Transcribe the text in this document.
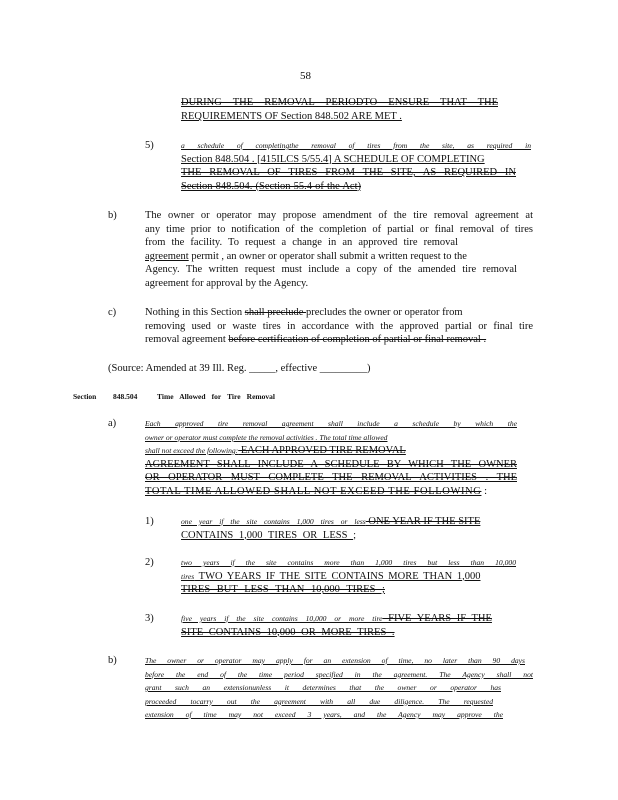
58
DURING THE REMOVAL PERIODTO ENSURE THAT THE
REQUIREMENTS OF Section 848.502 ARE MET .
5)	a schedule of completingthe removal of tires from the site, as required in
Section 848.504 . [415ILCS 5/55.4] A SCHEDULE OF COMPLETING
THE REMOVAL OF TIRES FROM THE SITE, AS REQUIRED IN
Section 848.504. (Section 55.4 of the Act)
b)	The owner or operator may propose amendment of the tire removal agreement at
any time prior to notification of the completion of partial or final removal of tires
from the facility. To request a change in an approved tire removal
agreement permit , an owner or operator shall submit a written request to the
Agency. The written request must include a copy of the amended tire removal
agreement for approval by the Agency.
c)	Nothing in this Section shall preclude precludes the owner or operator from
removing used or waste tires in accordance with the approved partial or final tire
removal agreement before certification of completion of partial or final removal .
(Source: Amended at 39 Ill. Reg. _____, effective _________)
Section 848.504	Time Allowed for Tire Removal
a)	Each approved tire removal agreement shall include a schedule by which the
owner or operator must complete the removal activities . The total time allowed
shall not exceed the following: EACH APPROVED TIRE REMOVAL
AGREEMENT SHALL INCLUDE A SCHEDULE BY WHICH THE OWNER
OR OPERATOR MUST COMPLETE THE REMOVAL ACTIVITIES . THE
TOTAL TIME ALLOWED SHALL NOT EXCEED THE FOLLOWING :
1)	one year if the site contains 1,000 tires or less ONE YEAR IF THE SITE
CONTAINS 1,000 TIRES OR LESS ;
2)	two years if the site contains more than 1,000 tires but less than 10,000
tires TWO YEARS IF THE SITE CONTAINS MORE THAN 1,000
TIRES BUT LESS THAN 10,000 TIRES ;
3)	five years if the site contains 10,000 or more tire FIVE YEARS IF THE
SITE CONTAINS 10,000 OR MORE TIRES .
b)	The owner or operator may apply for an extension of time, no later than 90 days
before the end of the time period specified in the agreement. The Agency shall not
grant such an extensionunless it determines that the owner or operator has
proceeded tocarry out the agreement with all due diligence. The requested
extension of time may not exceed 3 years, and the Agency may approve the
